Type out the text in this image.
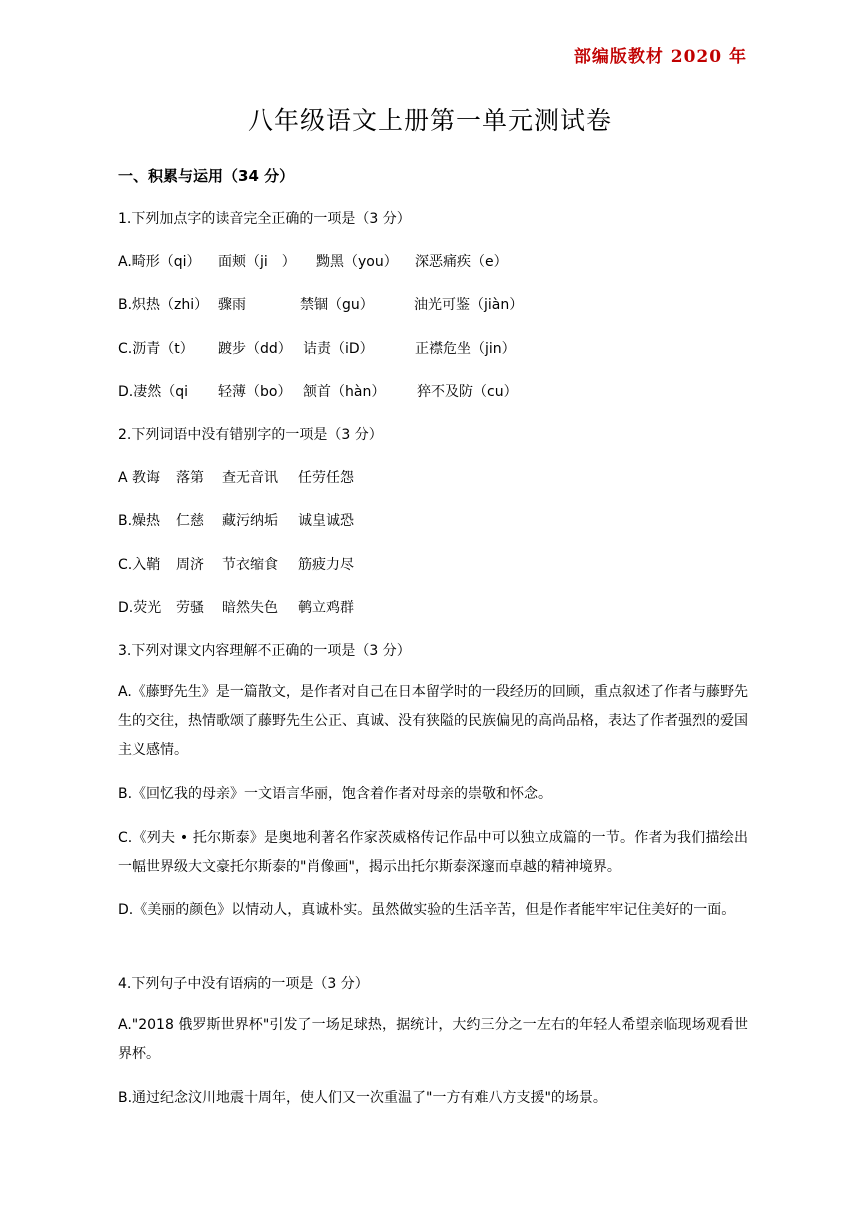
部编版教材 2020 年
八年级语文上册第一单元测试卷
一、积累与运用（34 分）
1.下列加点字的读音完全正确的一项是（3 分）
A.畸形（qi） 面颊（ji　） 黝黑（you） 深恶痛疾（e）
B.炽热（zhi） 骤雨	禁锢（gu）	油光可鉴（jiàn）
C.沥青（t） 踱步（dd） 诘责（iD）	正襟危坐（jin）
D.凄然（qi 轻薄（bo） 颔首（hàn） 猝不及防（cu）
2.下列词语中没有错别字的一项是（3 分）
A 教诲 落第 查无音讯 任劳任怨
B.燥热 仁慈 藏污纳垢 诚皇诚恐
C.入鞘 周济 节衣缩食 筋疲力尽
D.荧光 劳骚 暗然失色 鹌立鸡群
3.下列对课文内容理解不正确的一项是（3 分）
A.《藤野先生》是一篇散文，是作者对自己在日本留学时的一段经历的回顾，重点叙述了作者与藤野先生的交往，热情歌颂了藤野先生公正、真诚、没有狭隘的民族偏见的高尚品格，表达了作者强烈的爱国主义感情。
B.《回忆我的母亲》一文语言华丽，饱含着作者对母亲的崇敬和怀念。
C.《列夫 • 托尔斯泰》是奥地利著名作家茨威格传记作品中可以独立成篇的一节。作者为我们描绘出一幅世界级大文豪托尔斯泰的"肖像画"，揭示出托尔斯泰深邃而卓越的精神境界。
D.《美丽的颜色》以情动人，真诚朴实。虽然做实验的生活辛苦，但是作者能牢牢记住美好的一面。
4.下列句子中没有语病的一项是（3 分）
A."2018 俄罗斯世界杯"引发了一场足球热，据统计，大约三分之一左右的年轻人希望亲临现场观看世界杯。
B.通过纪念汶川地震十周年，使人们又一次重温了"一方有难八方支援"的场景。
